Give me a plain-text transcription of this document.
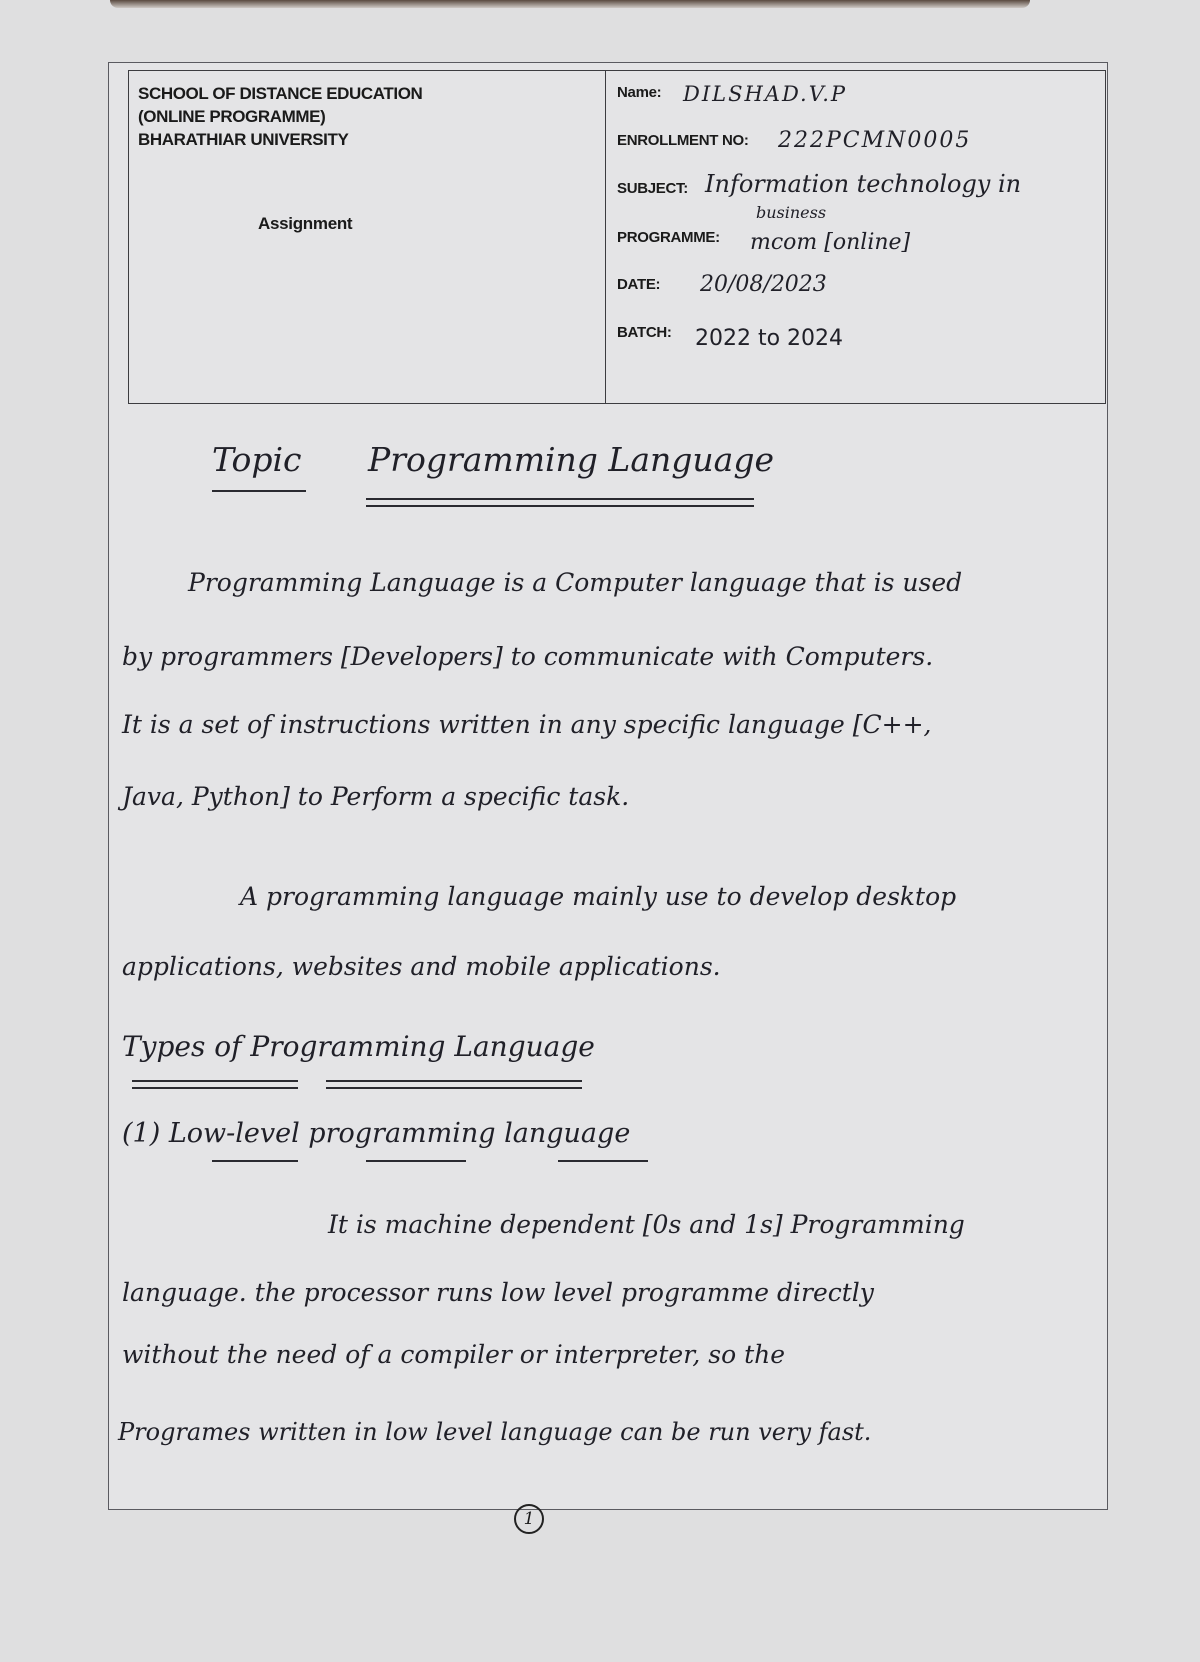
SCHOOL OF DISTANCE EDUCATION
(ONLINE PROGRAMME)
BHARATHIAR UNIVERSITY
Assignment
Name: DILSHAD.V.P
ENROLLMENT NO: 222PCMN0005
SUBJECT: Information technology in
business
PROGRAMME: mcom [online]
DATE: 20/08/2023
BATCH: 2022 to 2024
Topic Programming Language
Programming Language is a Computer language that is used
by programmers [Developers] to communicate with Computers.
It is a set of instructions written in any specific language [C++,
Java, Python] to Perform a specific task.
A programming language mainly use to develop desktop
applications, websites and mobile applications.
Types of Programming Language
(1) Low-level programming language
It is machine dependent [0s and 1s] Programming
language. the processor runs low level programme directly
without the need of a compiler or interpreter, so the
Programes written in low level language can be run very fast.
1
